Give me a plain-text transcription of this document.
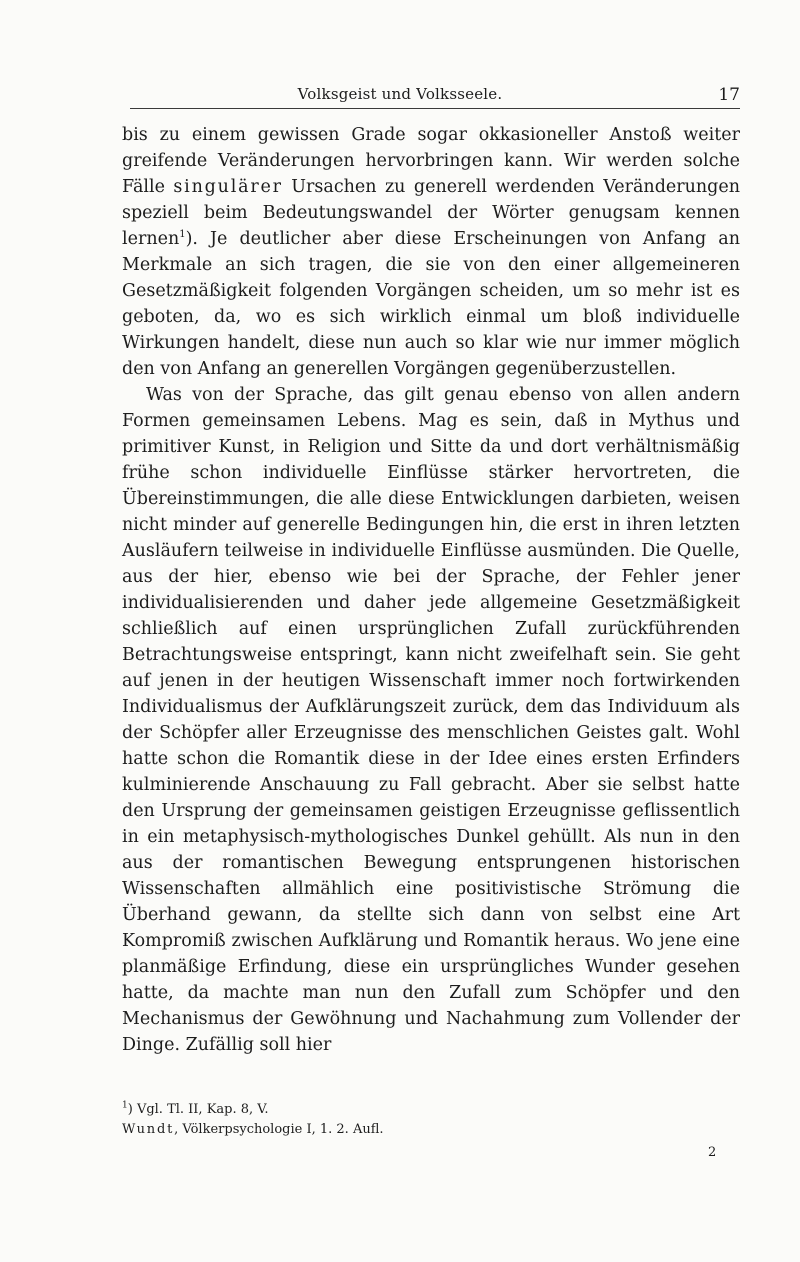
Volksgeist und Volksseele.	17

bis zu einem gewissen Grade sogar okkasioneller Anstoß weiter greifende Veränderungen hervorbringen kann. Wir werden solche Fälle singulärer Ursachen zu generell werdenden Veränderungen speziell beim Bedeutungswandel der Wörter genugsam kennen lernen$^1$). Je deutlicher aber diese Erscheinungen von Anfang an Merkmale an sich tragen, die sie von den einer allgemeineren Gesetzmäßigkeit folgenden Vorgängen scheiden, um so mehr ist es geboten, da, wo es sich wirklich einmal um bloß individuelle Wirkungen handelt, diese nun auch so klar wie nur immer möglich den von Anfang an generellen Vorgängen gegenüberzustellen.

Was von der Sprache, das gilt genau ebenso von allen andern Formen gemeinsamen Lebens. Mag es sein, daß in Mythus und primitiver Kunst, in Religion und Sitte da und dort verhältnismäßig frühe schon individuelle Einflüsse stärker hervortreten, die Übereinstimmungen, die alle diese Entwicklungen darbieten, weisen nicht minder auf generelle Bedingungen hin, die erst in ihren letzten Ausläufern teilweise in individuelle Einflüsse ausmünden. Die Quelle, aus der hier, ebenso wie bei der Sprache, der Fehler jener individualisierenden und daher jede allgemeine Gesetzmäßigkeit schließlich auf einen ursprünglichen Zufall zurückführenden Betrachtungsweise entspringt, kann nicht zweifelhaft sein. Sie geht auf jenen in der heutigen Wissenschaft immer noch fortwirkenden Individualismus der Aufklärungszeit zurück, dem das Individuum als der Schöpfer aller Erzeugnisse des menschlichen Geistes galt. Wohl hatte schon die Romantik diese in der Idee eines ersten Erfinders kulminierende Anschauung zu Fall gebracht. Aber sie selbst hatte den Ursprung der gemeinsamen geistigen Erzeugnisse geflissentlich in ein metaphysisch-mythologisches Dunkel gehüllt. Als nun in den aus der romantischen Bewegung entsprungenen historischen Wissenschaften allmählich eine positivistische Strömung die Überhand gewann, da stellte sich dann von selbst eine Art Kompromiß zwischen Aufklärung und Romantik heraus. Wo jene eine planmäßige Erfindung, diese ein ursprüngliches Wunder gesehen hatte, da machte man nun den Zufall zum Schöpfer und den Mechanismus der Gewöhnung und Nachahmung zum Vollender der Dinge. Zufällig soll hier

$^1$) Vgl. Tl. II, Kap. 8, V.
Wundt, Völkerpsychologie I, 1. 2. Aufl.
2
